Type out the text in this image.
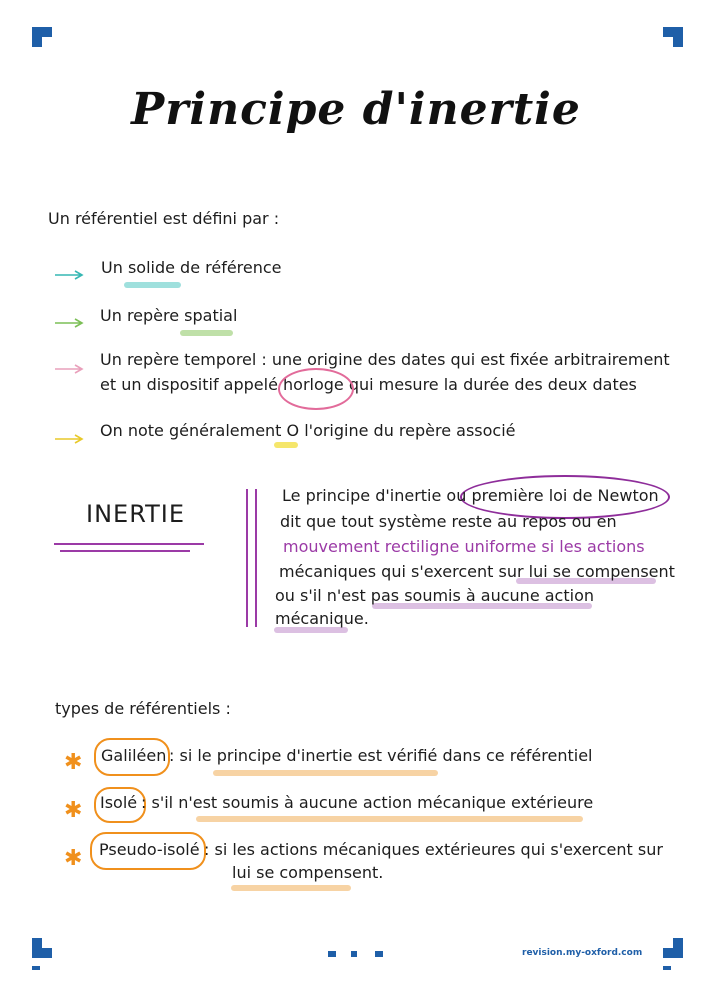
Principe d'inertie
Un référentiel est défini par :
Un solide de référence
Un repère spatial
Un repère temporel : une origine des dates qui est fixée arbitrairement
et un dispositif appelé horloge qui mesure la durée des deux dates
On note généralement O l'origine du repère associé
INERTIE
Le principe d'inertie ou première loi de Newton
dit que tout système reste au repos ou en
mouvement rectiligne uniforme si les actions
mécaniques qui s'exercent sur lui se compensent
ou s'il n'est pas soumis à aucune action
mécanique.
types de référentiels :
✱ Galiléen : si le principe d'inertie est vérifié dans ce référentiel
✱ Isolé : s'il n'est soumis à aucune action mécanique extérieure
✱ Pseudo-isolé : si les actions mécaniques extérieures qui s'exercent sur
lui se compensent.
revision.my-oxford.com
